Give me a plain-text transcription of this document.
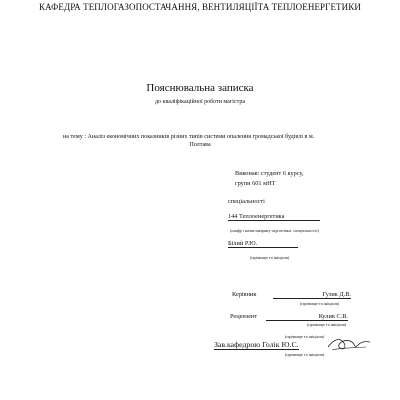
КАФЕДРА ТЕПЛОГАЗОПОСТАЧАННЯ, ВЕНТИЛЯЦІЇТА ТЕПЛОЕНЕРГЕТИКИ
Пояснювальна записка
до кваліфікаційної роботи магістра
на тему : Аналіз економічних показників різних типів системи опалення громадської будівлі в м.
Полтава
Виконав: студент 6 курсу,
групи 601 мНТ
спеціальності
144 Теплоенергетика
(шифр і назва напряму підготовки, спеціальності)
Білий Р.Ю.
(прізвище та ініціали)
Керівник	Гузик Д.В.
(прізвище та ініціали)
Рецензент	Кулик С.В.
(прізвище та ініціали)
(прізвище та ініціали)
Зав.кафедрою Голік Ю.С.
(прізвище та ініціали)
